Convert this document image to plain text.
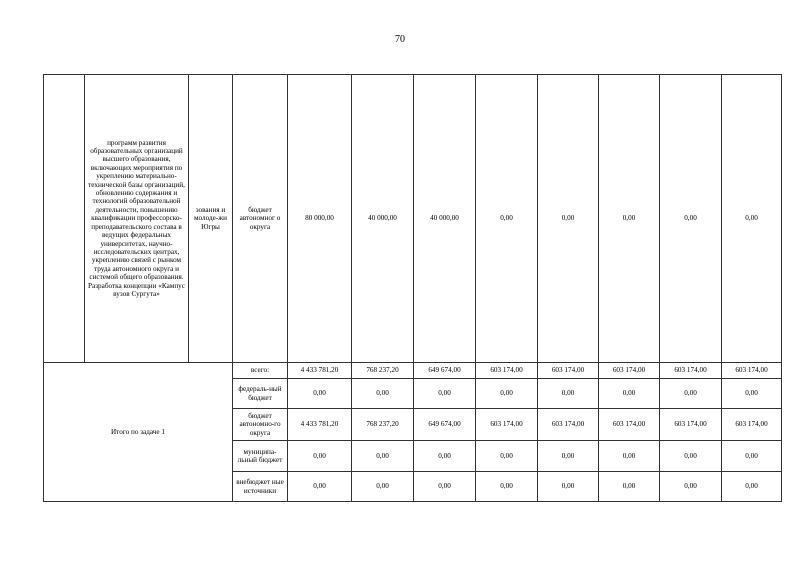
70
	программ развития образовательных организаций высшего образования, включающих мероприятия по укреплению материально-технической базы организаций, обновлению содержания и технологий образовательной деятельности, повышению квалификации профессорско-преподавательского состава в ведущих федеральных университетах, научно-исследовательских центрах, укреплению связей с рынком труда автономного округа и системой общего образования. Разработка концепции «Кампус вузов Сургута»	зования и молоде-жи Югры	бюджет автономног о округа	80 000,00	40 000,00	40 000,00	0,00	0,00	0,00	0,00	0,00
Итого по задаче 1			всего:	4 433 781,20	768 237,20	649 674,00	603 174,00	603 174,00	603 174,00	603 174,00	603 174,00
			федераль-ный бюджет	0,00	0,00	0,00	0,00	0,00	0,00	0,00	0,00
			бюджет автономно-го округа	4 433 781,20	768 237,20	649 674,00	603 174,00	603 174,00	603 174,00	603 174,00	603 174,00
			муниципа-льный бюджет	0,00	0,00	0,00	0,00	0,00	0,00	0,00	0,00
			внебюджет ные источники	0,00	0,00	0,00	0,00	0,00	0,00	0,00	0,00
